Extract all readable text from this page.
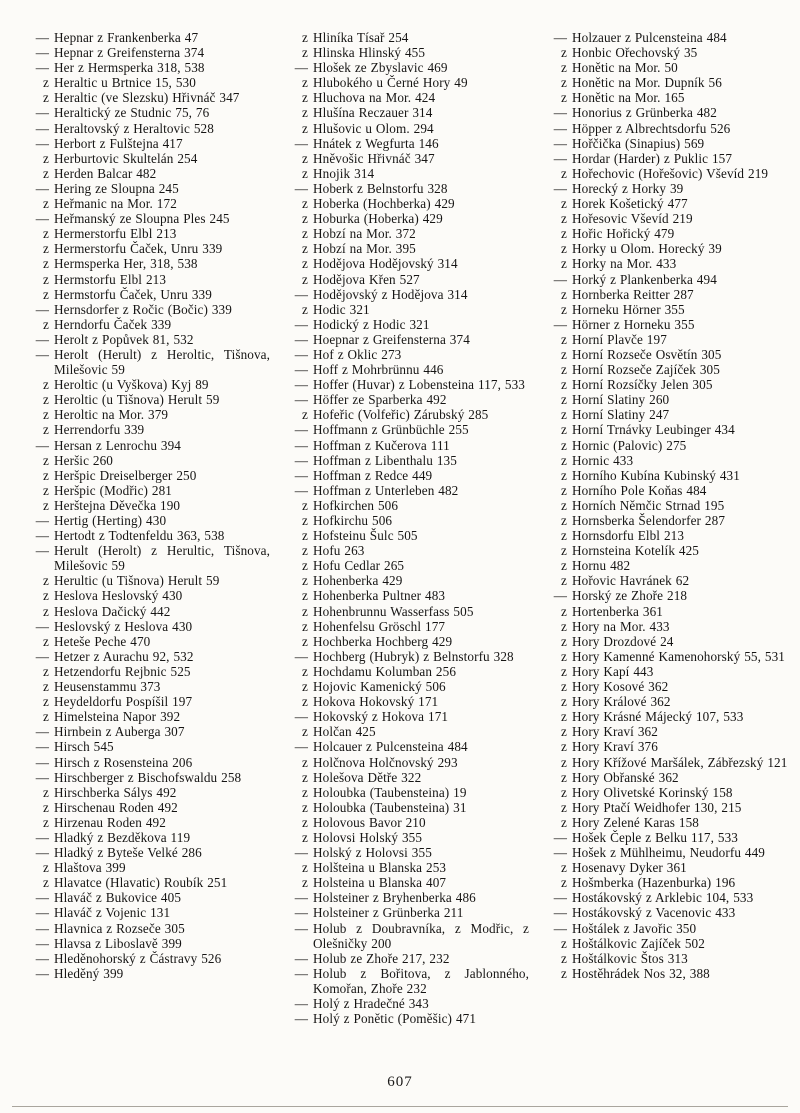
— Hepnar z Frankenberka 47
— Hepnar z Greifensterna 374
— Her z Hermsperka 318, 538
z Heraltic u Brtnice 15, 530
z Heraltic (ve Slezsku) Hřivnáč 347
— Heraltický ze Studnic 75, 76
— Heraltovský z Heraltovic 528
— Herbort z Fulštejna 417
z Herburtovic Skultelán 254
z Herden Balcar 482
— Hering ze Sloupna 245
z Heřmanic na Mor. 172
— Heřmanský ze Sloupna Ples 245
z Hermerstorfu Elbl 213
z Hermerstorfu Čaček, Unru 339
z Hermsperka Her, 318, 538
z Hermstorfu Elbl 213
z Hermstorfu Čaček, Unru 339
— Hernsdorfer z Ročic (Bočic) 339
z Herndorfu Čaček 339
— Herolt z Popůvek 81, 532
— Herolt (Herult) z Heroltic, Tišnova, Milešovic 59
z Heroltic (u Vyškova) Kyj 89
z Heroltic (u Tišnova) Herult 59
z Heroltic na Mor. 379
z Herrendorfu 339
— Hersan z Lenrochu 394
z Heršic 260
z Heršpic Dreiselberger 250
z Heršpic (Modřic) 281
z Herštejna Děvečka 190
— Hertig (Herting) 430
— Hertodt z Todtenfeldu 363, 538
— Herult (Herolt) z Herultic, Tišnova, Milešovic 59
z Herultic (u Tišnova) Herult 59
z Heslova Heslovský 430
z Heslova Dačický 442
— Heslovský z Heslova 430
z Heteše Peche 470
— Hetzer z Aurachu 92, 532
z Hetzendorfu Rejbnic 525
z Heusenstammu 373
z Heydeldorfu Pospíšil 197
z Himelsteina Napor 392
— Hirnbein z Auberga 307
— Hirsch 545
— Hirsch z Rosensteina 206
— Hirschberger z Bischofswaldu 258
z Hirschberka Sálys 492
z Hirschenau Roden 492
z Hirzenau Roden 492
— Hladký z Bezděkova 119
— Hladký z Byteše Velké 286
z Hlaštova 399
z Hlavatce (Hlavatic) Roubík 251
— Hlaváč z Bukovice 405
— Hlaváč z Vojenic 131
— Hlavnica z Rozseče 305
— Hlavsa z Liboslavě 399
— Hleděnohorský z Částravy 526
— Hleděný 399
z Hliníka Tísař 254
z Hlinska Hlinský 455
— Hlošek ze Zbyslavic 469
z Hlubokého u Černé Hory 49
z Hluchova na Mor. 424
z Hlušína Reczauer 314
z Hlušovic u Olom. 294
— Hnátek z Wegfurta 146
z Hněvošic Hřivnáč 347
z Hnojik 314
— Hoberk z Belnstorfu 328
z Hoberka (Hochberka) 429
z Hoburka (Hoberka) 429
z Hobzí na Mor. 372
z Hobzí na Mor. 395
z Hodějova Hodějovský 314
z Hodějova Křen 527
— Hodějovský z Hodějova 314
z Hodic 321
— Hodický z Hodic 321
— Hoepnar z Greifensterna 374
— Hof z Oklic 273
— Hoff z Mohrbrünnu 446
— Hoffer (Huvar) z Lobensteina 117, 533
— Höffer ze Sparberka 492
z Hofeřic (Volfeřic) Zárubský 285
— Hoffmann z Grünbüchle 255
— Hoffman z Kučerova 111
— Hoffman z Libenthalu 135
— Hoffman z Redce 449
— Hoffman z Unterleben 482
z Hofkirchen 506
z Hofkirchu 506
z Hofsteinu Šulc 505
z Hofu 263
z Hofu Cedlar 265
z Hohenberka 429
z Hohenberka Pultner 483
z Hohenbrunnu Wasserfass 505
z Hohenfelsu Gröschl 177
z Hochberka Hochberg 429
— Hochberg (Hubryk) z Belnstorfu 328
z Hochdamu Kolumban 256
z Hojovic Kamenický 506
z Hokova Hokovský 171
— Hokovský z Hokova 171
z Holčan 425
— Holcauer z Pulcensteina 484
z Holčnova Holčnovský 293
z Holešova Dětře 322
z Holoubka (Taubensteina) 19
z Holoubka (Taubensteina) 31
z Holovous Bavor 210
z Holovsi Holský 355
— Holský z Holovsi 355
z Holšteina u Blanska 253
z Holsteina u Blanska 407
— Holsteiner z Bryhenberka 486
— Holsteiner z Grünberka 211
— Holub z Doubravníka, z Modřic, z Olešničky 200
— Holub ze Zhoře 217, 232
— Holub z Bořitova, z Jablonného, Komořan, Zhoře 232
— Holý z Hradečné 343
— Holý z Ponětic (Poměšic) 471
— Holzauer z Pulcensteina 484
z Honbic Ořechovský 35
z Honětic na Mor. 50
z Honětic na Mor. Dupník 56
z Honětic na Mor. 165
— Honorius z Grünberka 482
— Höpper z Albrechtsdorfu 526
— Hořčička (Sinapius) 569
— Hordar (Harder) z Puklic 157
z Hořechovic (Hořešovic) Vševíd 219
— Horecký z Horky 39
z Horek Košetický 477
z Hořesovic Vševíd 219
z Hořic Hořický 479
z Horky u Olom. Horecký 39
z Horky na Mor. 433
— Horký z Plankenberka 494
z Hornberka Reitter 287
z Horneku Hörner 355
— Hörner z Horneku 355
z Horní Plavče 197
z Horní Rozseče Osvětín 305
z Horní Rozseče Zajíček 305
z Horní Rozsíčky Jelen 305
z Horní Slatiny 260
z Horní Slatiny 247
z Horní Trnávky Leubinger 434
z Hornic (Palovic) 275
z Hornic 433
z Horního Kubína Kubinský 431
z Horního Pole Koňas 484
z Horních Němčic Strnad 195
z Hornsberka Šelendorfer 287
z Hornsdorfu Elbl 213
z Hornsteina Kotelík 425
z Hornu 482
z Hořovic Havránek 62
— Horský ze Zhoře 218
z Hortenberka 361
z Hory na Mor. 433
z Hory Drozdové 24
z Hory Kamenné Kamenohorský 55, 531
z Hory Kapí 443
z Hory Kosové 362
z Hory Králové 362
z Hory Krásné Májecký 107, 533
z Hory Kraví 362
z Hory Kraví 376
z Hory Křížové Maršálek, Zábřezský 121
z Hory Obřanské 362
z Hory Olivetské Korinský 158
z Hory Ptačí Weidhofer 130, 215
z Hory Zelené Karas 158
— Hošek Čeple z Belku 117, 533
— Hošek z Mühlheimu, Neudorfu 449
z Hosenavy Dyker 361
z Hošmberka (Hazenburka) 196
— Hostákovský z Arklebic 104, 533
— Hostákovský z Vacenovic 433
— Hoštálek z Javořic 350
z Hoštálkovic Zajíček 502
z Hoštálkovic Štos 313
z Hostěhrádek Nos 32, 388
607
